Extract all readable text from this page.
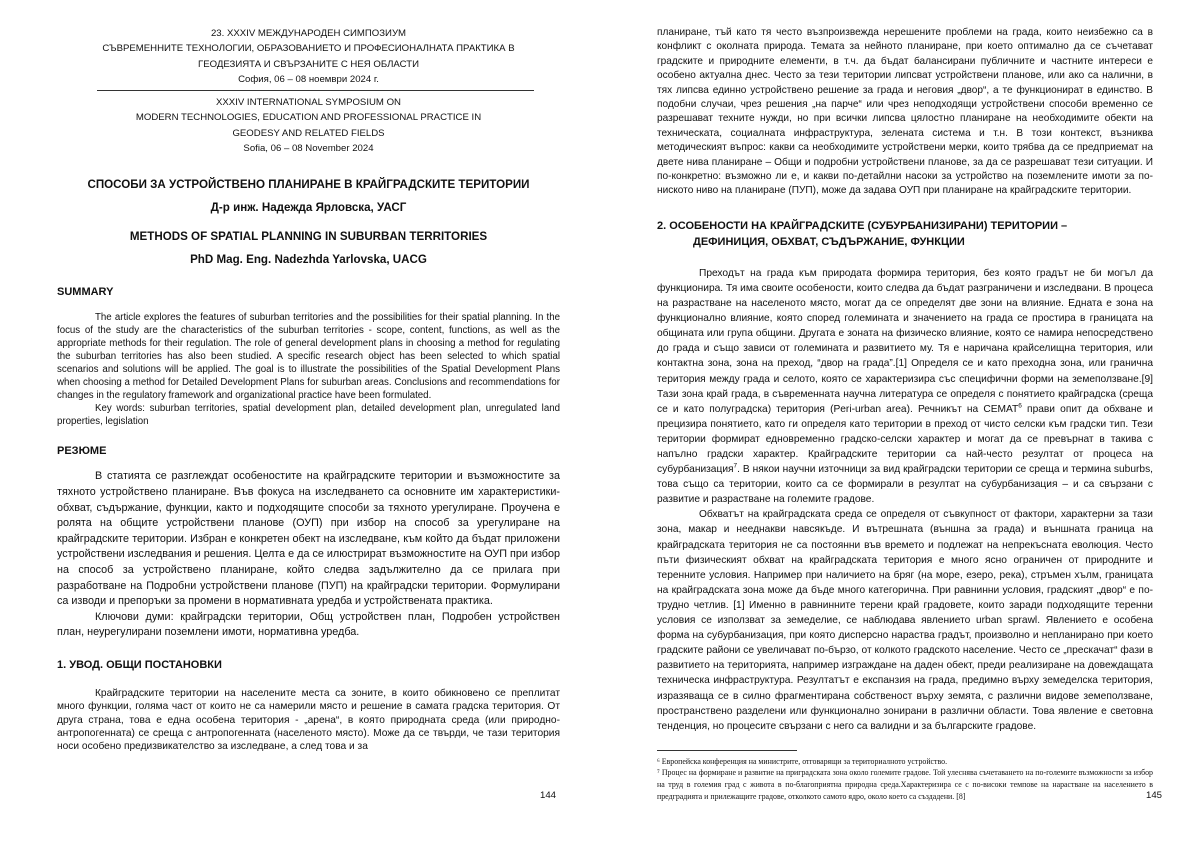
23. XXXIV МЕЖДУНАРОДЕН СИМПОЗИУМ
СЪВРЕМЕННИТЕ ТЕХНОЛОГИИ, ОБРАЗОВАНИЕТО И ПРОФЕСИОНАЛНАТА ПРАКТИКА В
ГЕОДЕЗИЯТА И СВЪРЗАНИТЕ С НЕЯ ОБЛАСТИ
София, 06 – 08 ноември 2024 г.
XXXIV INTERNATIONAL SYMPOSIUM ON
MODERN TECHNOLOGIES, EDUCATION AND PROFESSIONAL PRACTICE IN
GEODESY AND RELATED FIELDS
Sofia, 06 – 08 November 2024
СПОСОБИ ЗА УСТРОЙСТВЕНО ПЛАНИРАНЕ В КРАЙГРАДСКИТЕ ТЕРИТОРИИ
Д-р инж. Надежда Ярловска, УАСГ
METHODS OF SPATIAL PLANNING IN SUBURBAN TERRITORIES
PhD Mag. Eng. Nadezhda Yarlovska, UACG
SUMMARY

The article explores the features of suburban territories and the possibilities for their spatial planning. In the focus of the study are the characteristics of the suburban territories - scope, content, functions, as well as the appropriate methods for their regulation. The role of general development plans in choosing a method for regulating the suburban territories has also been studied. A specific research object has been selected to which spatial scenarios and solutions will be applied. The goal is to illustrate the possibilities of the Spatial Development Plans when choosing a method for Detailed Development Plans for suburban areas. Conclusions and recommendations for changes in the regulatory framework and organizational practice have been formulated.

Key words: suburban territories, spatial development plan, detailed development plan, unregulated land properties, legislation

РЕЗЮМЕ

В статията се разглеждат особеностите на крайградските територии и възможностите за тяхното устройствено планиране. Във фокуса на изследването са основните им характеристики- обхват, съдържание, функции, както и подходящите способи за тяхното урегулиране. Проучена е ролята на общите устройствени планове (ОУП) при избор на способ за урегулиране на крайградските територии. Избран е конкретен обект на изследване, към който да бъдат приложени устройствени изследвания и решения. Целта е да се илюстрират възможностите на ОУП при избор на способ за устройствено планиране, който следва задължително да се прилага при разработване на Подробни устройствени планове (ПУП) на крайградски територии. Формулирани са изводи и препоръки за промени в нормативната уредба и устройствената практика.

Ключови думи: крайградски територии, Общ устройствен план, Подробен устройствен план, неурегулирани поземлени имоти, нормативна уредба.

1. УВОД. ОБЩИ ПОСТАНОВКИ

Крайградските територии на населените места са зоните, в които обикновено се преплитат много функции, голяма част от които не са намерили място и решение в самата градска територия. От друга страна, това е една особена територия - „арена“, в която природната среда (или природно-антропогенната) се среща с антропогенната (населеното място). Може да се твърди, че тази територия носи особено предизвикателство за изследване, а след това и за

144

планиране, тъй като тя често възпроизвежда нерешените проблеми на града, които неизбежно са в конфликт с околната природа. Темата за нейното планиране, при което оптимално да се съчетават градските и природните елементи, в т.ч. да бъдат балансирани публичните и частните интереси е особено актуална днес. Често за тези територии липсват устройствени планове, или ако са налични, в тях липсва единно устройствено решение за града и неговия „двор“, а те функционират в единство. В подобни случаи, чрез решения „на парче“ или чрез неподходящи устройствени способи временно се разрешават техните нужди, но при всички липсва цялостно планиране на необходимите обекти на техническата, социалната инфраструктура, зелената система и т.н. В този контекст, възниква методическият въпрос: какви са необходимите устройствени мерки, които трябва да се предприемат на двете нива планиране – Общи и подробни устройствени планове, за да се разрешават тези ситуации. И по-конкретно: възможно ли е, и какви по-детайлни насоки за устройство на поземлените имоти за по-ниското ниво на планиране (ПУП), може да задава ОУП при планиране на крайградските територии.

2. ОСОБЕНОСТИ НА КРАЙГРАДСКИТЕ (СУБУРБАНИЗИРАНИ) ТЕРИТОРИИ –
ДЕФИНИЦИЯ, ОБХВАТ, СЪДЪРЖАНИЕ, ФУНКЦИИ

Преходът на града към природата формира територия, без която градът не би могъл да функционира. Тя има своите особености, които следва да бъдат разграничени и изследвани. В процеса на разрастване на населеното място, могат да се определят две зони на влияние. Едната е зона на функционално влияние, която според големината и значението на града се простира в границата на общината или група общини. Другата е зоната на физическо влияние, която се намира непосредствено до града и също зависи от големината и развитието му. Тя е наричана крайселищна територия, или контактна зона, зона на преход, “двор на града”.[1] Определя се и като преходна зона, или гранична територия между града и селото, която се характеризира със специфични форми на земеползване.[9] Тази зона край града, в съвременната научна литература се определя с понятието крайградска (среща се и като полуградска) територия (Peri-urban area). Речникът на CEMAT$^6$ прави опит да обхване и прецизира понятието, като ги определя като територии в преход от чисто селски към градски тип. Тези територии формират едновременно градско-селски характер и могат да се превърнат в такива с напълно градски характер. Крайградските територии са най-често резултат от процеса на субурбанизация$^7$. В някои научни източници за вид крайградски територии се среща и термина suburbs, това също са територии, които са се формирали в резултат на субурбанизация – и са свързани с развитие и разрастване на големите градове.

Обхватът на крайградската среда се определя от съвкупност от фактори, характерни за тази зона, макар и нееднакви навсякъде. И вътрешната (външна за града) и външната граница на крайградската територия не са постоянни във времето и подлежат на непрекъсната еволюция. Често пъти физическият обхват на крайградската територия е много ясно ограничен от природните и теренните условия. Например при наличието на бряг (на море, езеро, река), стръмен хълм, границата на крайградската зона може да бъде много категорична. При равнинни условия, градският „двор“ е по-трудно четлив. [1] Именно в равнинните терени край градовете, които заради подходящите теренни условия се използват за земеделие, се наблюдава явлението urban sprawl. Явлението е особена форма на субурбанизация, при която дисперсно нараства градът, произволно и непланирано при което градските райони се увеличават по-бързо, от колкото градското население. Често се „прескачат“ фази в развитието на територията, например изграждане на даден обект, преди реализиране на довеждащата техническа инфраструктура. Резултатът е експанзия на града, предимно върху земеделска територия, изразяваща се в силно фрагментирана собственост върху земята, с различни видове земеползване, пространствено разделени или функционално зонирани в различни области. Това явление е световна тенденция, но процесите свързани с него са валидни и за българските градове.

⁶ Европейска конференция на министрите, отговарящи за териториалното устройство.

⁷ Процес на формиране и развитие на приградската зона около големите градове. Той улеснява съчетаването на по-големите възможности за избор на труд в големия град с живота в по-благоприятна природна среда.Характеризира се с по-високи темпове на нарастване на населението в предградията и прилежащите градове, отколкото самото ядро, около което са създадени. [8]	145
